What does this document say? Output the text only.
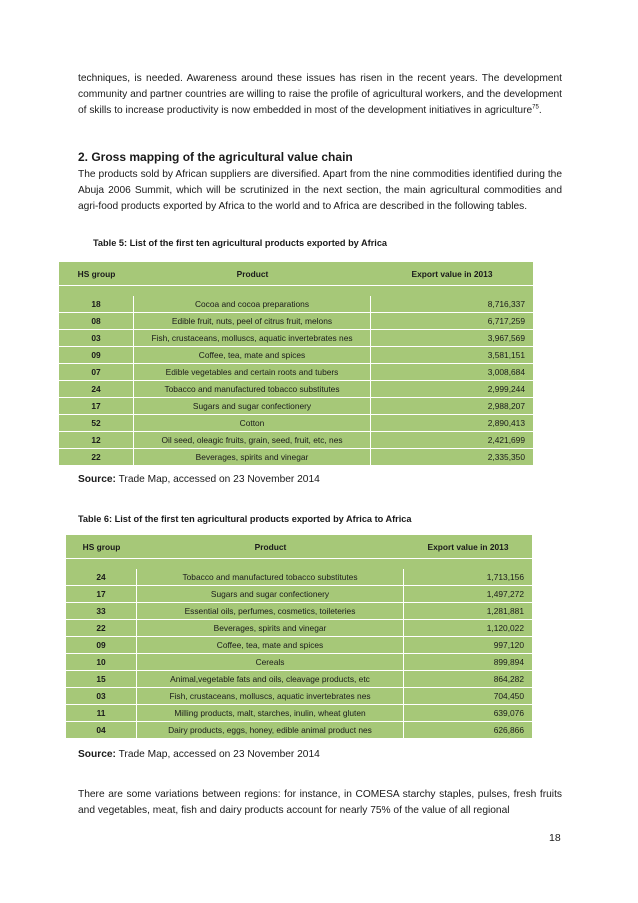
techniques, is needed. Awareness around these issues has risen in the recent years. The development community and partner countries are willing to raise the profile of agricultural workers, and the development of skills to increase productivity is now embedded in most of the development initiatives in agriculture$^{75}$.
2. Gross mapping of the agricultural value chain
The products sold by African suppliers are diversified. Apart from the nine commodities identified during the Abuja 2006 Summit, which will be scrutinized in the next section, the main agricultural commodities and agri-food products exported by Africa to the world and to Africa are described in the following tables.
Table 5: List of the first ten agricultural products exported by Africa
HS group	Product	Export value in 2013

18	Cocoa and cocoa preparations	8,716,337
08	Edible fruit, nuts, peel of citrus fruit, melons	6,717,259
03	Fish, crustaceans, molluscs, aquatic invertebrates nes	3,967,569
09	Coffee, tea, mate and spices	3,581,151
07	Edible vegetables and certain roots and tubers	3,008,684
24	Tobacco and manufactured tobacco substitutes	2,999,244
17	Sugars and sugar confectionery	2,988,207
52	Cotton	2,890,413
12	Oil seed, oleagic fruits, grain, seed, fruit, etc, nes	2,421,699
22	Beverages, spirits and vinegar	2,335,350
Source: Trade Map, accessed on 23 November 2014
Table 6: List of the first ten agricultural products exported by Africa to Africa
HS group	Product	Export value in 2013

24	Tobacco and manufactured tobacco substitutes	1,713,156
17	Sugars and sugar confectionery	1,497,272
33	Essential oils, perfumes, cosmetics, toileteries	1,281,881
22	Beverages, spirits and vinegar	1,120,022
09	Coffee, tea, mate and spices	997,120
10	Cereals	899,894
15	Animal,vegetable fats and oils, cleavage products, etc	864,282
03	Fish, crustaceans, molluscs, aquatic invertebrates nes	704,450
11	Milling products, malt, starches, inulin, wheat gluten	639,076
04	Dairy products, eggs, honey, edible animal product nes	626,866
Source: Trade Map, accessed on 23 November 2014
There are some variations between regions: for instance, in COMESA starchy staples, pulses, fresh fruits and vegetables, meat, fish and dairy products account for nearly 75% of the value of all regional
18
